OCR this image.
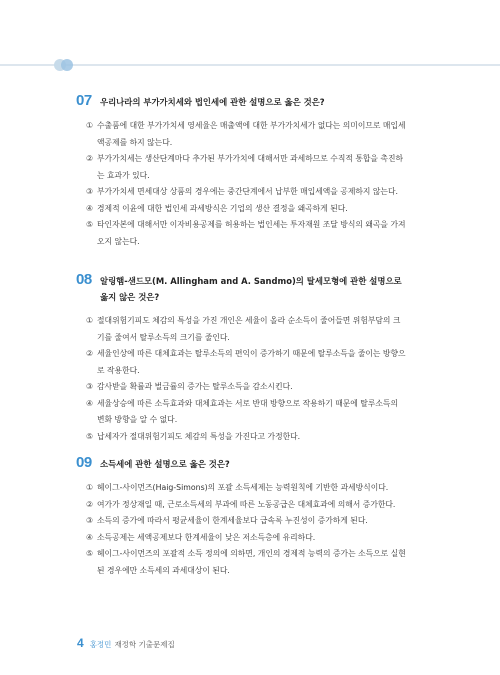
07 우리나라의 부가가치세와 법인세에 관한 설명으로 옳은 것은?
① 수출품에 대한 부가가치세 영세율은 매출액에 대한 부가가치세가 없다는 의미이므로 매입세액공제를 하지 않는다.
② 부가가치세는 생산단계마다 추가된 부가가치에 대해서만 과세하므로 수직적 통합을 촉진하는 효과가 있다.
③ 부가가치세 면세대상 상품의 경우에는 중간단계에서 납부한 매입세액을 공제하지 않는다.
④ 경제적 이윤에 대한 법인세 과세방식은 기업의 생산 결정을 왜곡하게 된다.
⑤ 타인자본에 대해서만 이자비용공제를 허용하는 법인세는 투자재원 조달 방식의 왜곡을 가져오지 않는다.
08 알링햄-샌드모(M. Allingham and A. Sandmo)의 탈세모형에 관한 설명으로 옳지 않은 것은?
① 절대위험기피도 체감의 특성을 가진 개인은 세율이 올라 순소득이 줄어들면 위험부담의 크기를 줄여서 탈루소득의 크기를 줄인다.
② 세율인상에 따른 대체효과는 탈루소득의 편익이 증가하기 때문에 탈루소득을 줄이는 방향으로 작용한다.
③ 감사받을 확률과 벌금률의 증가는 탈루소득을 감소시킨다.
④ 세율상승에 따른 소득효과와 대체효과는 서로 반대 방향으로 작용하기 때문에 탈루소득의 변화 방향을 알 수 없다.
⑤ 납세자가 절대위험기피도 체감의 특성을 가진다고 가정한다.
09 소득세에 관한 설명으로 옳은 것은?
① 헤이그-사이먼즈(Haig-Simons)의 포괄 소득세제는 능력원칙에 기반한 과세방식이다.
② 여가가 정상재일 때, 근로소득세의 부과에 따른 노동공급은 대체효과에 의해서 증가한다.
③ 소득의 증가에 따라서 평균세율이 한계세율보다 급속록 누진성이 증가하게 된다.
④ 소득공제는 세액공제보다 한계세율이 낮은 저소득층에 유리하다.
⑤ 헤이그-사이먼즈의 포괄적 소득 정의에 의하면, 개인의 경제적 능력의 증가는 소득으로 실현된 경우에만 소득세의 과세대상이 된다.
4 홍정민 재정학 기출문제집
